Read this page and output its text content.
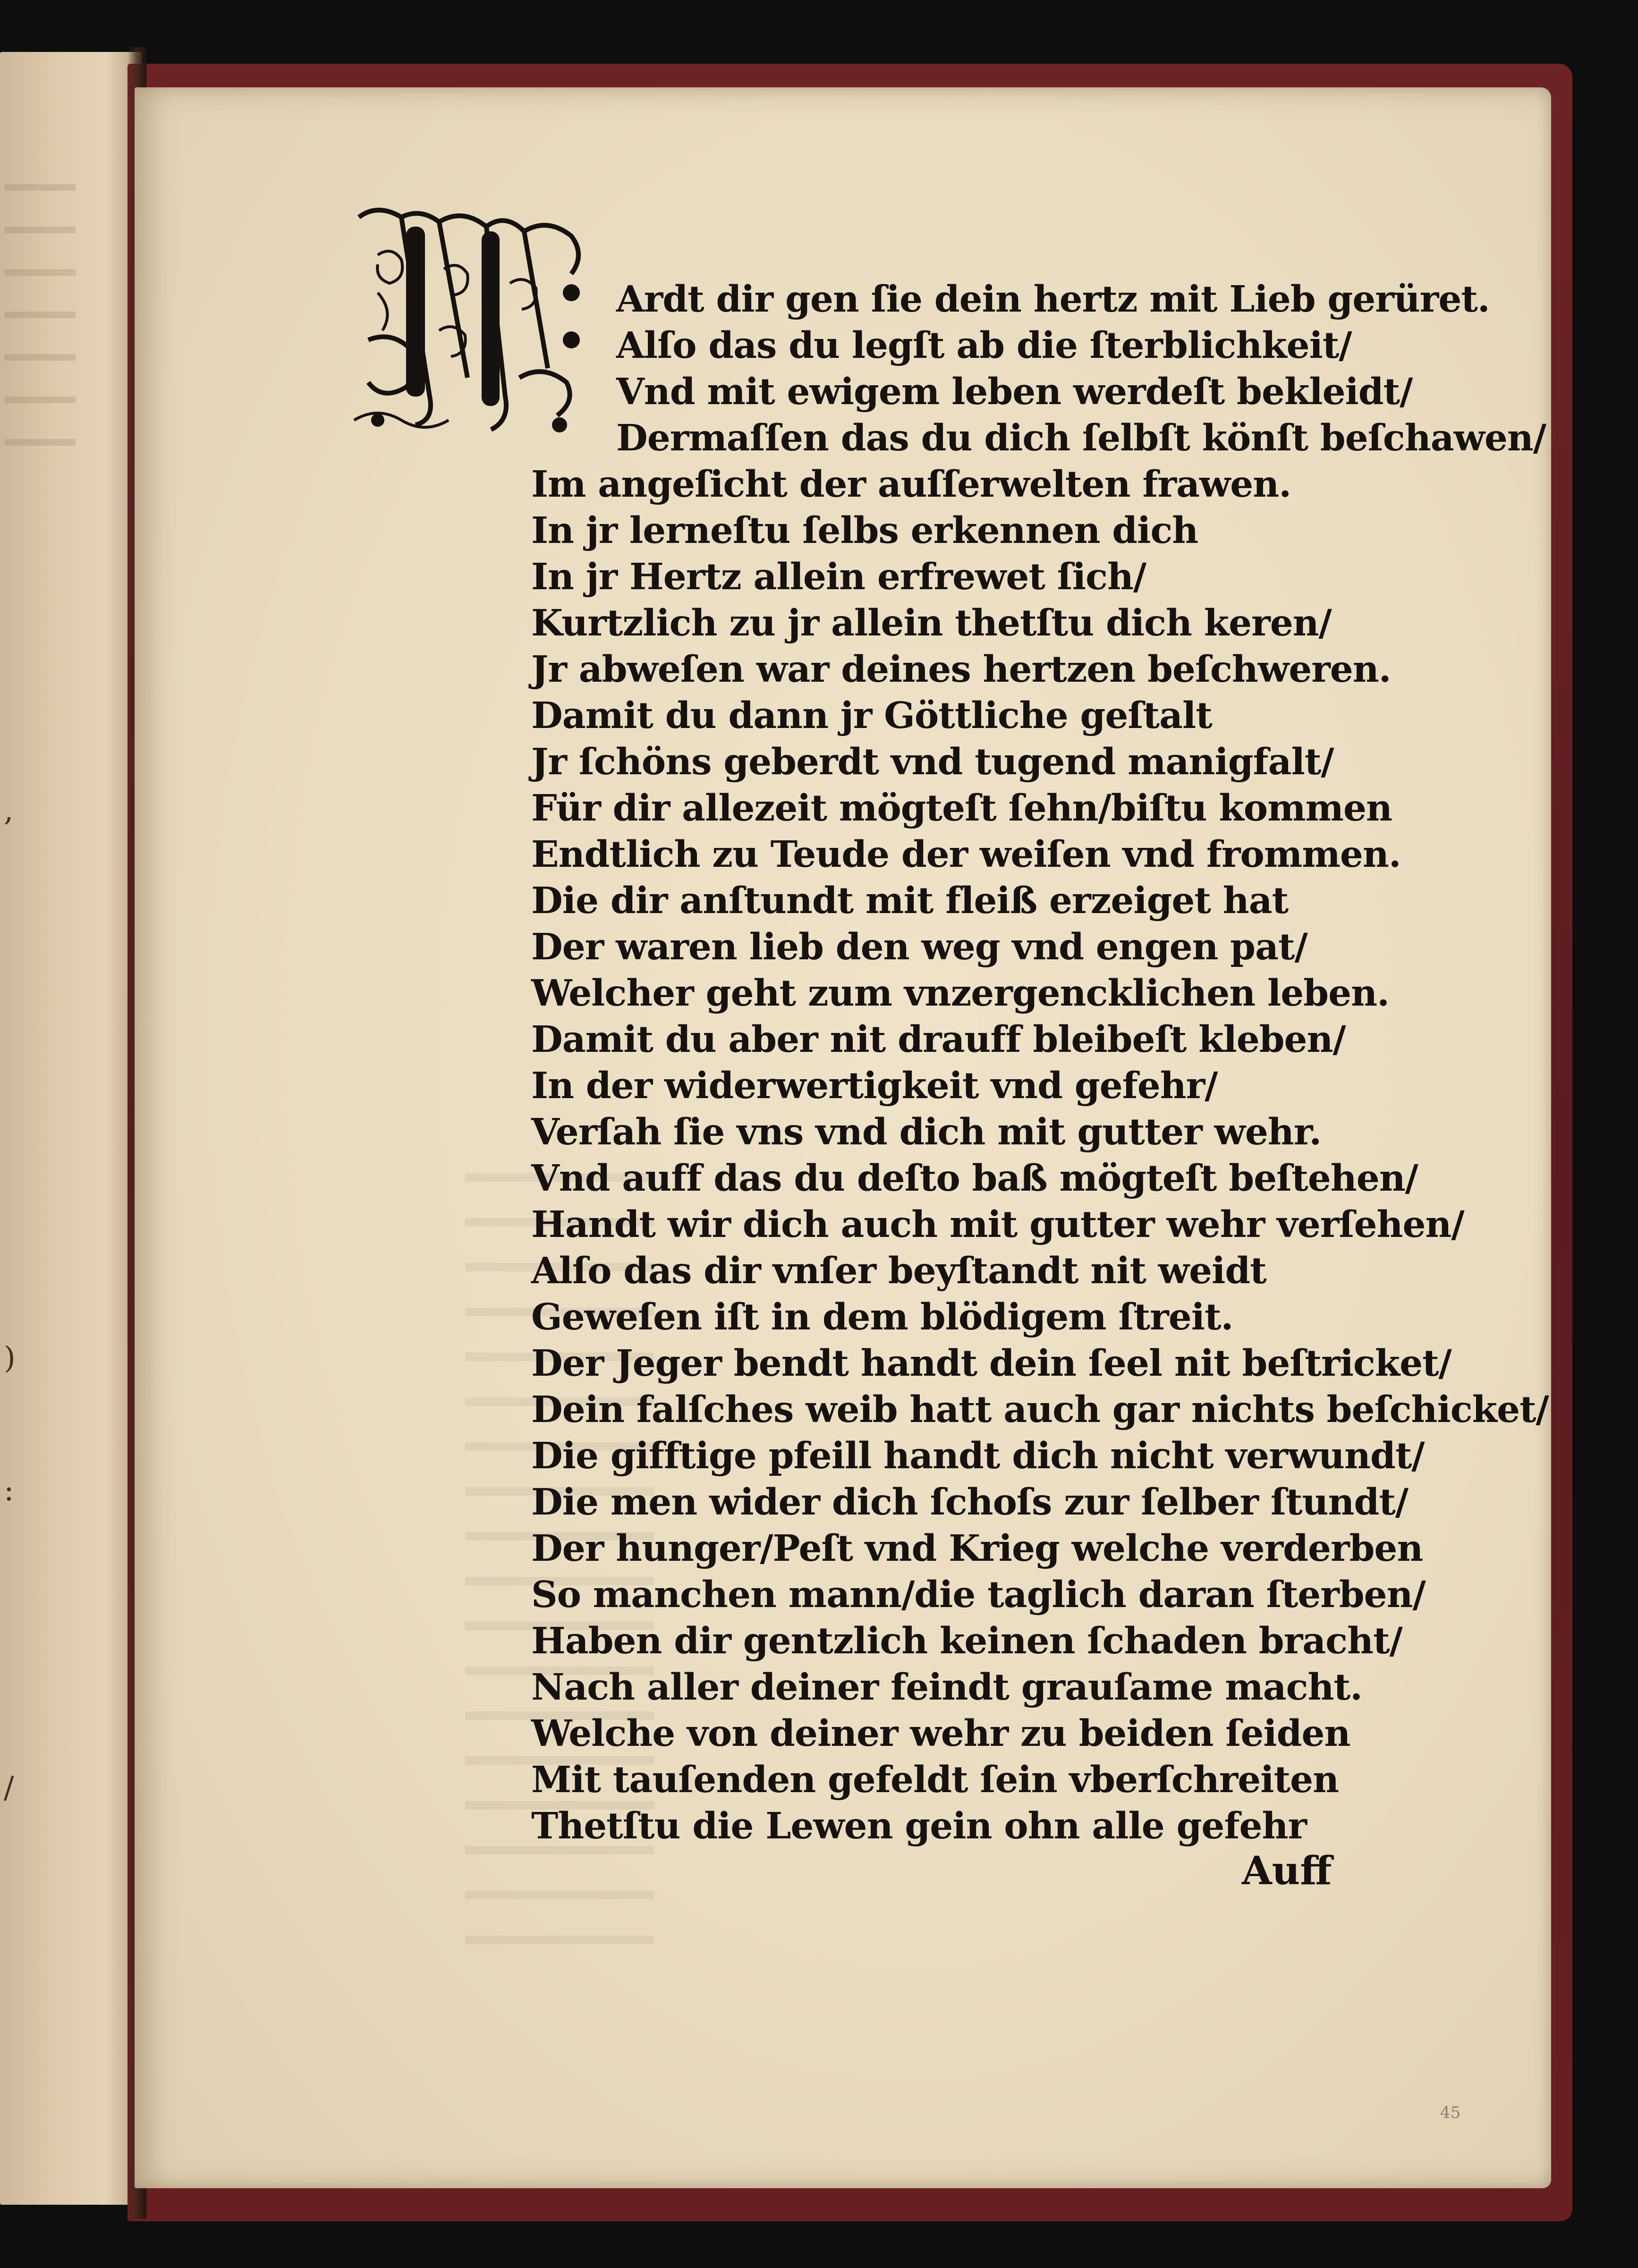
,
:
)
/
Ardt dir gen ſie dein hertz mit Lieb gerüret.
Alſo das du legſt ab die ſterblichkeit/
Vnd mit ewigem leben werdeſt bekleidt/
Dermaſſen das du dich ſelbſt könſt beſchawen/
Im angeſicht der auſſerwelten frawen.
In jr lerneſtu ſelbs erkennen dich
In jr Hertz allein erfrewet ſich/
Kurtzlich zu jr allein thetſtu dich keren/
Jr abweſen war deines hertzen beſchweren.
Damit du dann jr Göttliche geſtalt
Jr ſchöns geberdt vnd tugend manigfalt/
Für dir allezeit mögteſt ſehn/biſtu kommen
Endtlich zu Teude der weiſen vnd frommen.
Die dir anſtundt mit fleiß erzeiget hat
Der waren lieb den weg vnd engen pat/
Welcher geht zum vnzergencklichen leben.
Damit du aber nit drauff bleibeſt kleben/
In der widerwertigkeit vnd gefehr/
Verſah ſie vns vnd dich mit gutter wehr.
Vnd auff das du deſto baß mögteſt beſtehen/
Handt wir dich auch mit gutter wehr verſehen/
Alſo das dir vnſer beyſtandt nit weidt
Geweſen iſt in dem blödigem ſtreit.
Der Jeger bendt handt dein ſeel nit beſtricket/
Dein falſches weib hatt auch gar nichts beſchicket/
Die gifftige pfeill handt dich nicht verwundt/
Die men wider dich ſchoſs zur ſelber ſtundt/
Der hunger/Peſt vnd Krieg welche verderben
So manchen mann/die taglich daran ſterben/
Haben dir gentzlich keinen ſchaden bracht/
Nach aller deiner feindt grauſame macht.
Welche von deiner wehr zu beiden ſeiden
Mit tauſenden gefeldt ſein vberſchreiten
Thetſtu die Lewen gein ohn alle gefehr
Auff
45
